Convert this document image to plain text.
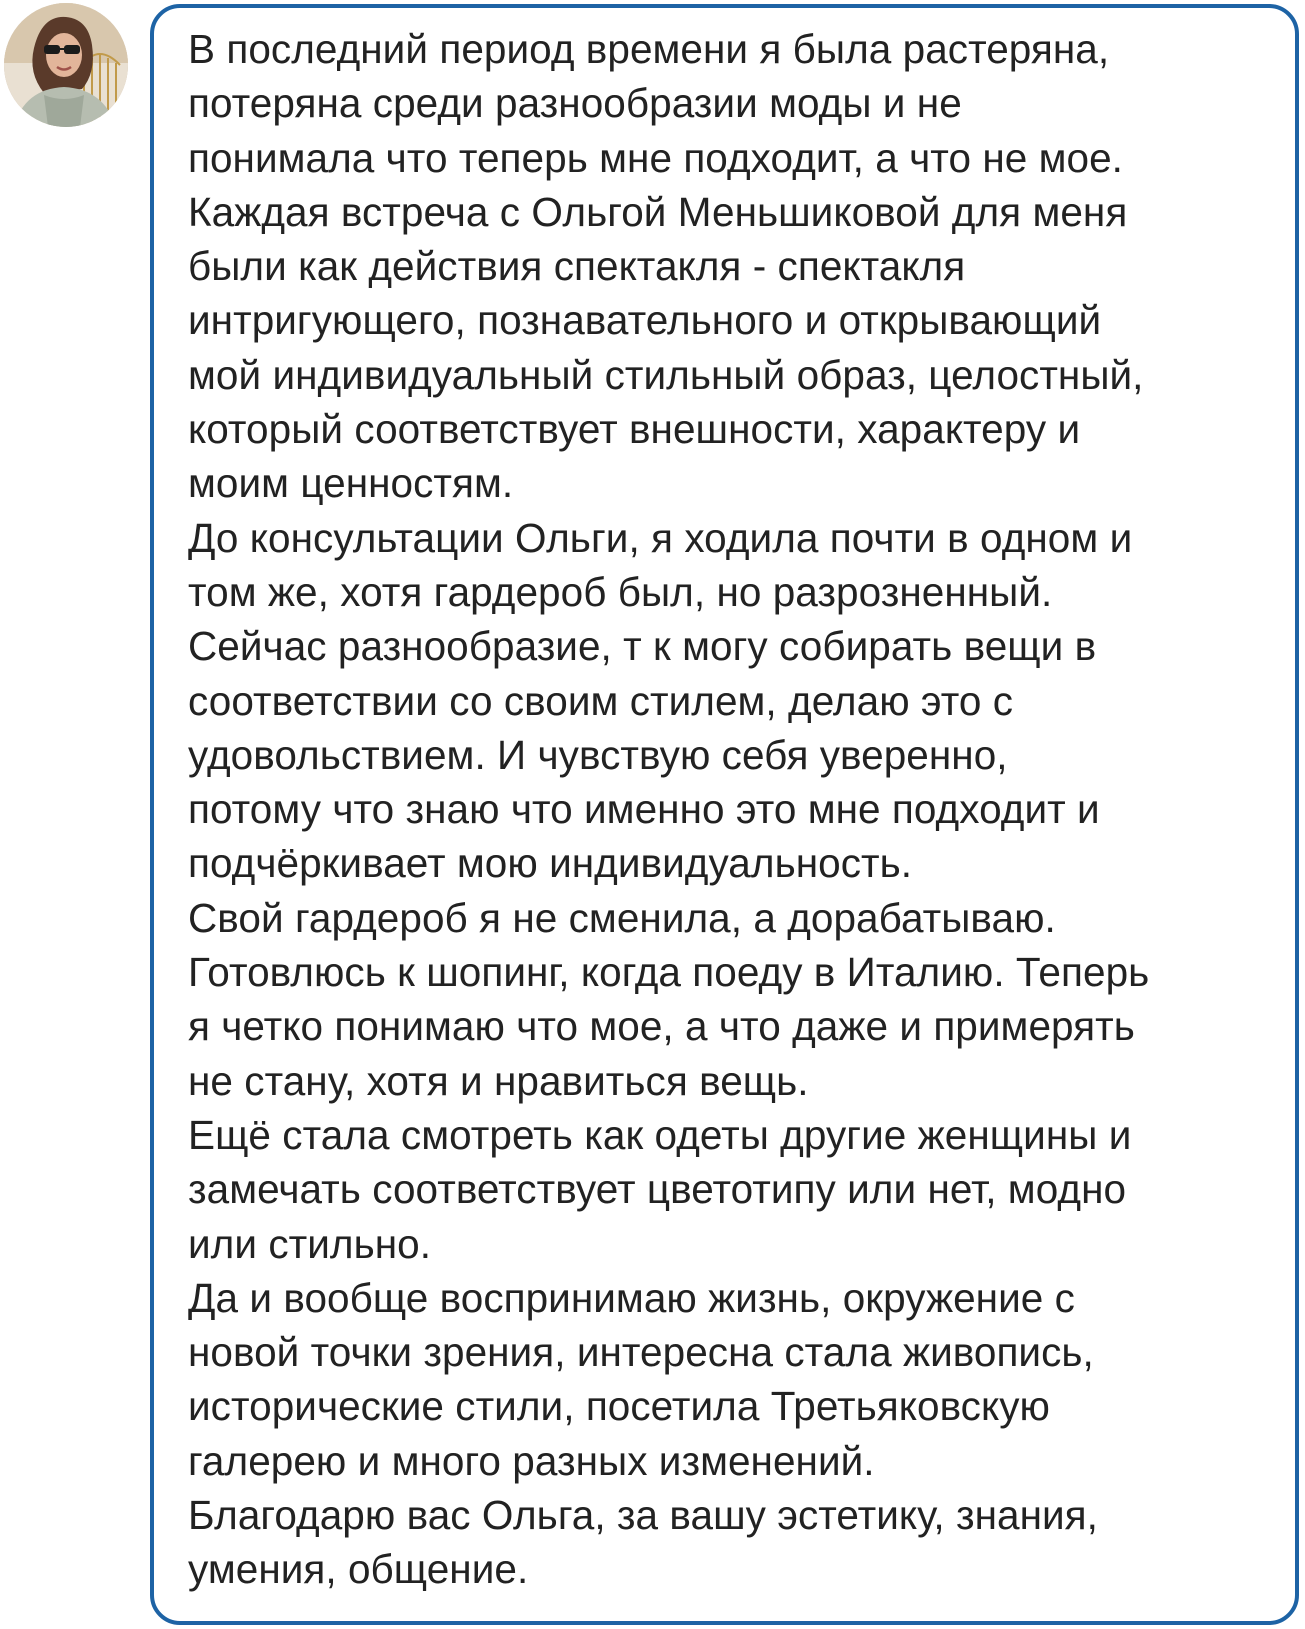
В последний период времени я была растеряна,
потеряна среди разнообразии моды и не
понимала что теперь мне подходит, а что не мое.
Каждая встреча с Ольгой Меньшиковой для меня
были как действия спектакля - спектакля
интригующего, познавательного и открывающий
мой индивидуальный стильный образ, целостный,
который соответствует внешности, характеру и
моим ценностям.
До консультации Ольги, я ходила почти в одном и
том же, хотя гардероб был, но разрозненный.
Сейчас разнообразие, т к могу собирать вещи в
соответствии со своим стилем, делаю это с
удовольствием. И чувствую себя уверенно,
потому что знаю что именно это мне подходит и
подчёркивает мою индивидуальность.
Свой гардероб я не сменила, а дорабатываю.
Готовлюсь к шопинг, когда поеду в Италию. Теперь
я четко понимаю что мое, а что даже и примерять
не стану, хотя и нравиться вещь.
Ещё стала смотреть как одеты другие женщины и
замечать соответствует цветотипу или нет, модно
или стильно.
Да и вообще воспринимаю жизнь, окружение с
новой точки зрения, интересна стала живопись,
исторические стили, посетила Третьяковскую
галерею и много разных изменений.
Благодарю вас Ольга, за вашу эстетику, знания,
умения, общение.
